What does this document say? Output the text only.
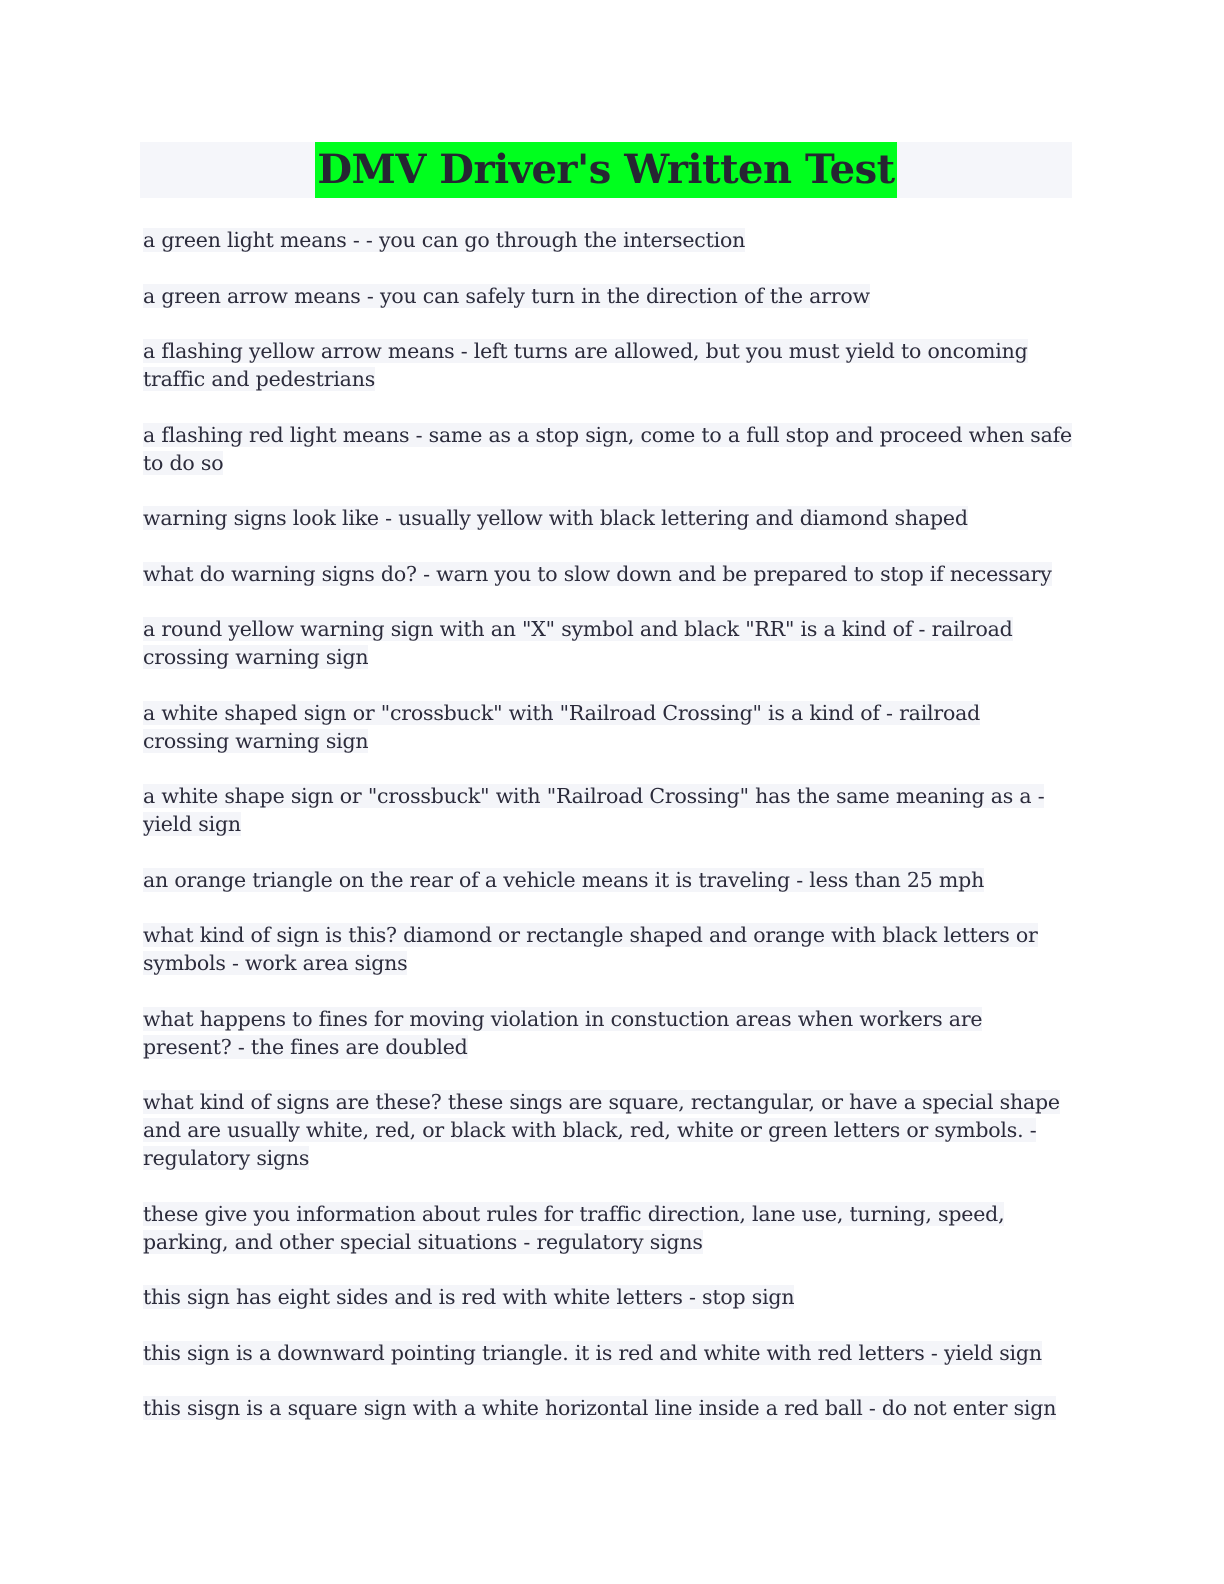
DMV Driver's Written Test

a green light means - - you can go through the intersection

a green arrow means - you can safely turn in the direction of the arrow

a flashing yellow arrow means - left turns are allowed, but you must yield to oncoming traffic and pedestrians

a flashing red light means - same as a stop sign, come to a full stop and proceed when safe to do so

warning signs look like - usually yellow with black lettering and diamond shaped

what do warning signs do? - warn you to slow down and be prepared to stop if necessary

a round yellow warning sign with an "X" symbol and black "RR" is a kind of - railroad crossing warning sign

a white shaped sign or "crossbuck" with "Railroad Crossing" is a kind of - railroad crossing warning sign

a white shape sign or "crossbuck" with "Railroad Crossing" has the same meaning as a - yield sign

an orange triangle on the rear of a vehicle means it is traveling - less than 25 mph

what kind of sign is this? diamond or rectangle shaped and orange with black letters or symbols - work area signs

what happens to fines for moving violation in constuction areas when workers are present? - the fines are doubled

what kind of signs are these? these sings are square, rectangular, or have a special shape and are usually white, red, or black with black, red, white or green letters or symbols. - regulatory signs

these give you information about rules for traffic direction, lane use, turning, speed, parking, and other special situations - regulatory signs

this sign has eight sides and is red with white letters - stop sign

this sign is a downward pointing triangle. it is red and white with red letters - yield sign

this sisgn is a square sign with a white horizontal line inside a red ball - do not enter sign
